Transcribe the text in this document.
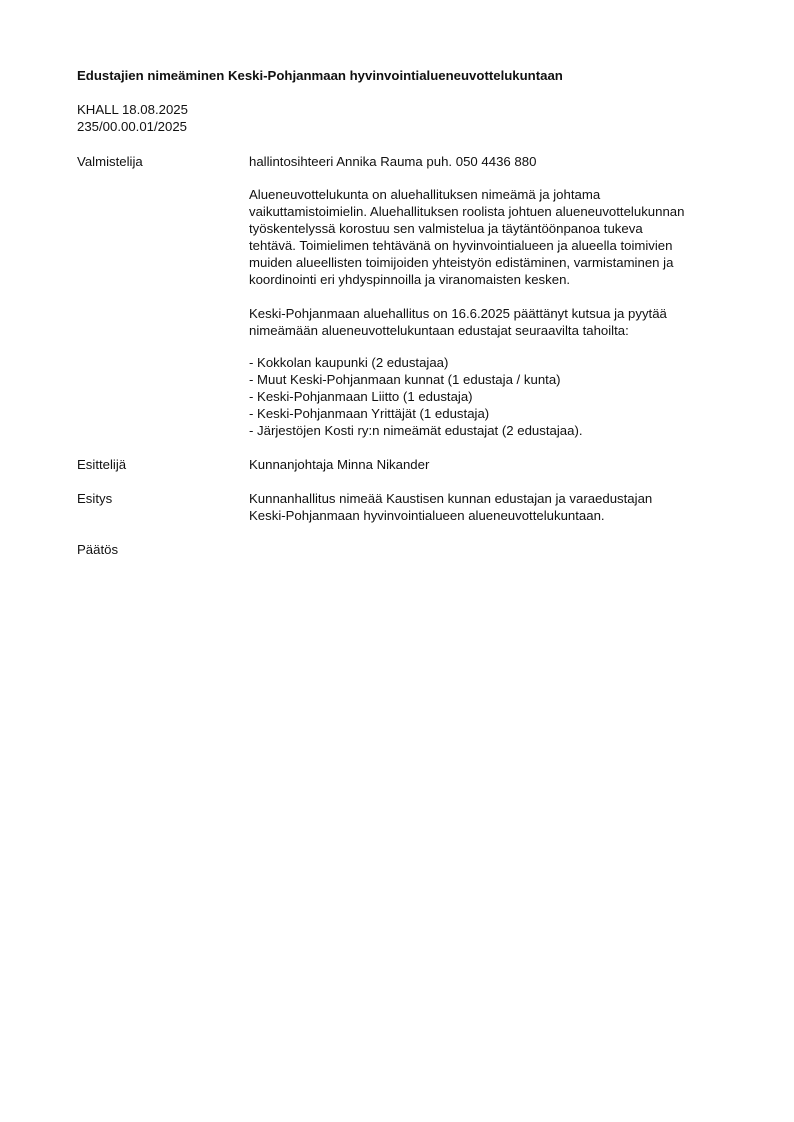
Edustajien nimeäminen Keski-Pohjanmaan hyvinvointialueneuvottelukuntaan
KHALL 18.08.2025
235/00.00.01/2025
Valmistelija	hallintosihteeri Annika Rauma puh. 050 4436 880

Alueneuvottelukunta on aluehallituksen nimeämä ja johtama
vaikuttamistoimielin. Aluehallituksen roolista johtuen alueneuvottelukunnan
työskentelyssä korostuu sen valmistelua ja täytäntöönpanoa tukeva
tehtävä. Toimielimen tehtävänä on hyvinvointialueen ja alueella toimivien
muiden alueellisten toimijoiden yhteistyön edistäminen, varmistaminen ja
koordinointi eri yhdyspinnoilla ja viranomaisten kesken.
Keski-Pohjanmaan aluehallitus on 16.6.2025 päättänyt kutsua ja pyytää
nimeämään alueneuvottelukuntaan edustajat seuraavilta tahoilta:
- Kokkolan kaupunki (2 edustajaa)
- Muut Keski-Pohjanmaan kunnat (1 edustaja / kunta)
- Keski-Pohjanmaan Liitto (1 edustaja)
- Keski-Pohjanmaan Yrittäjät (1 edustaja)
- Järjestöjen Kosti ry:n nimeämät edustajat (2 edustajaa).
Esittelijä	Kunnanjohtaja Minna Nikander
Esitys	Kunnanhallitus nimeää Kaustisen kunnan edustajan ja varaedustajan
Keski-Pohjanmaan hyvinvointialueen alueneuvottelukuntaan.
Päätös
